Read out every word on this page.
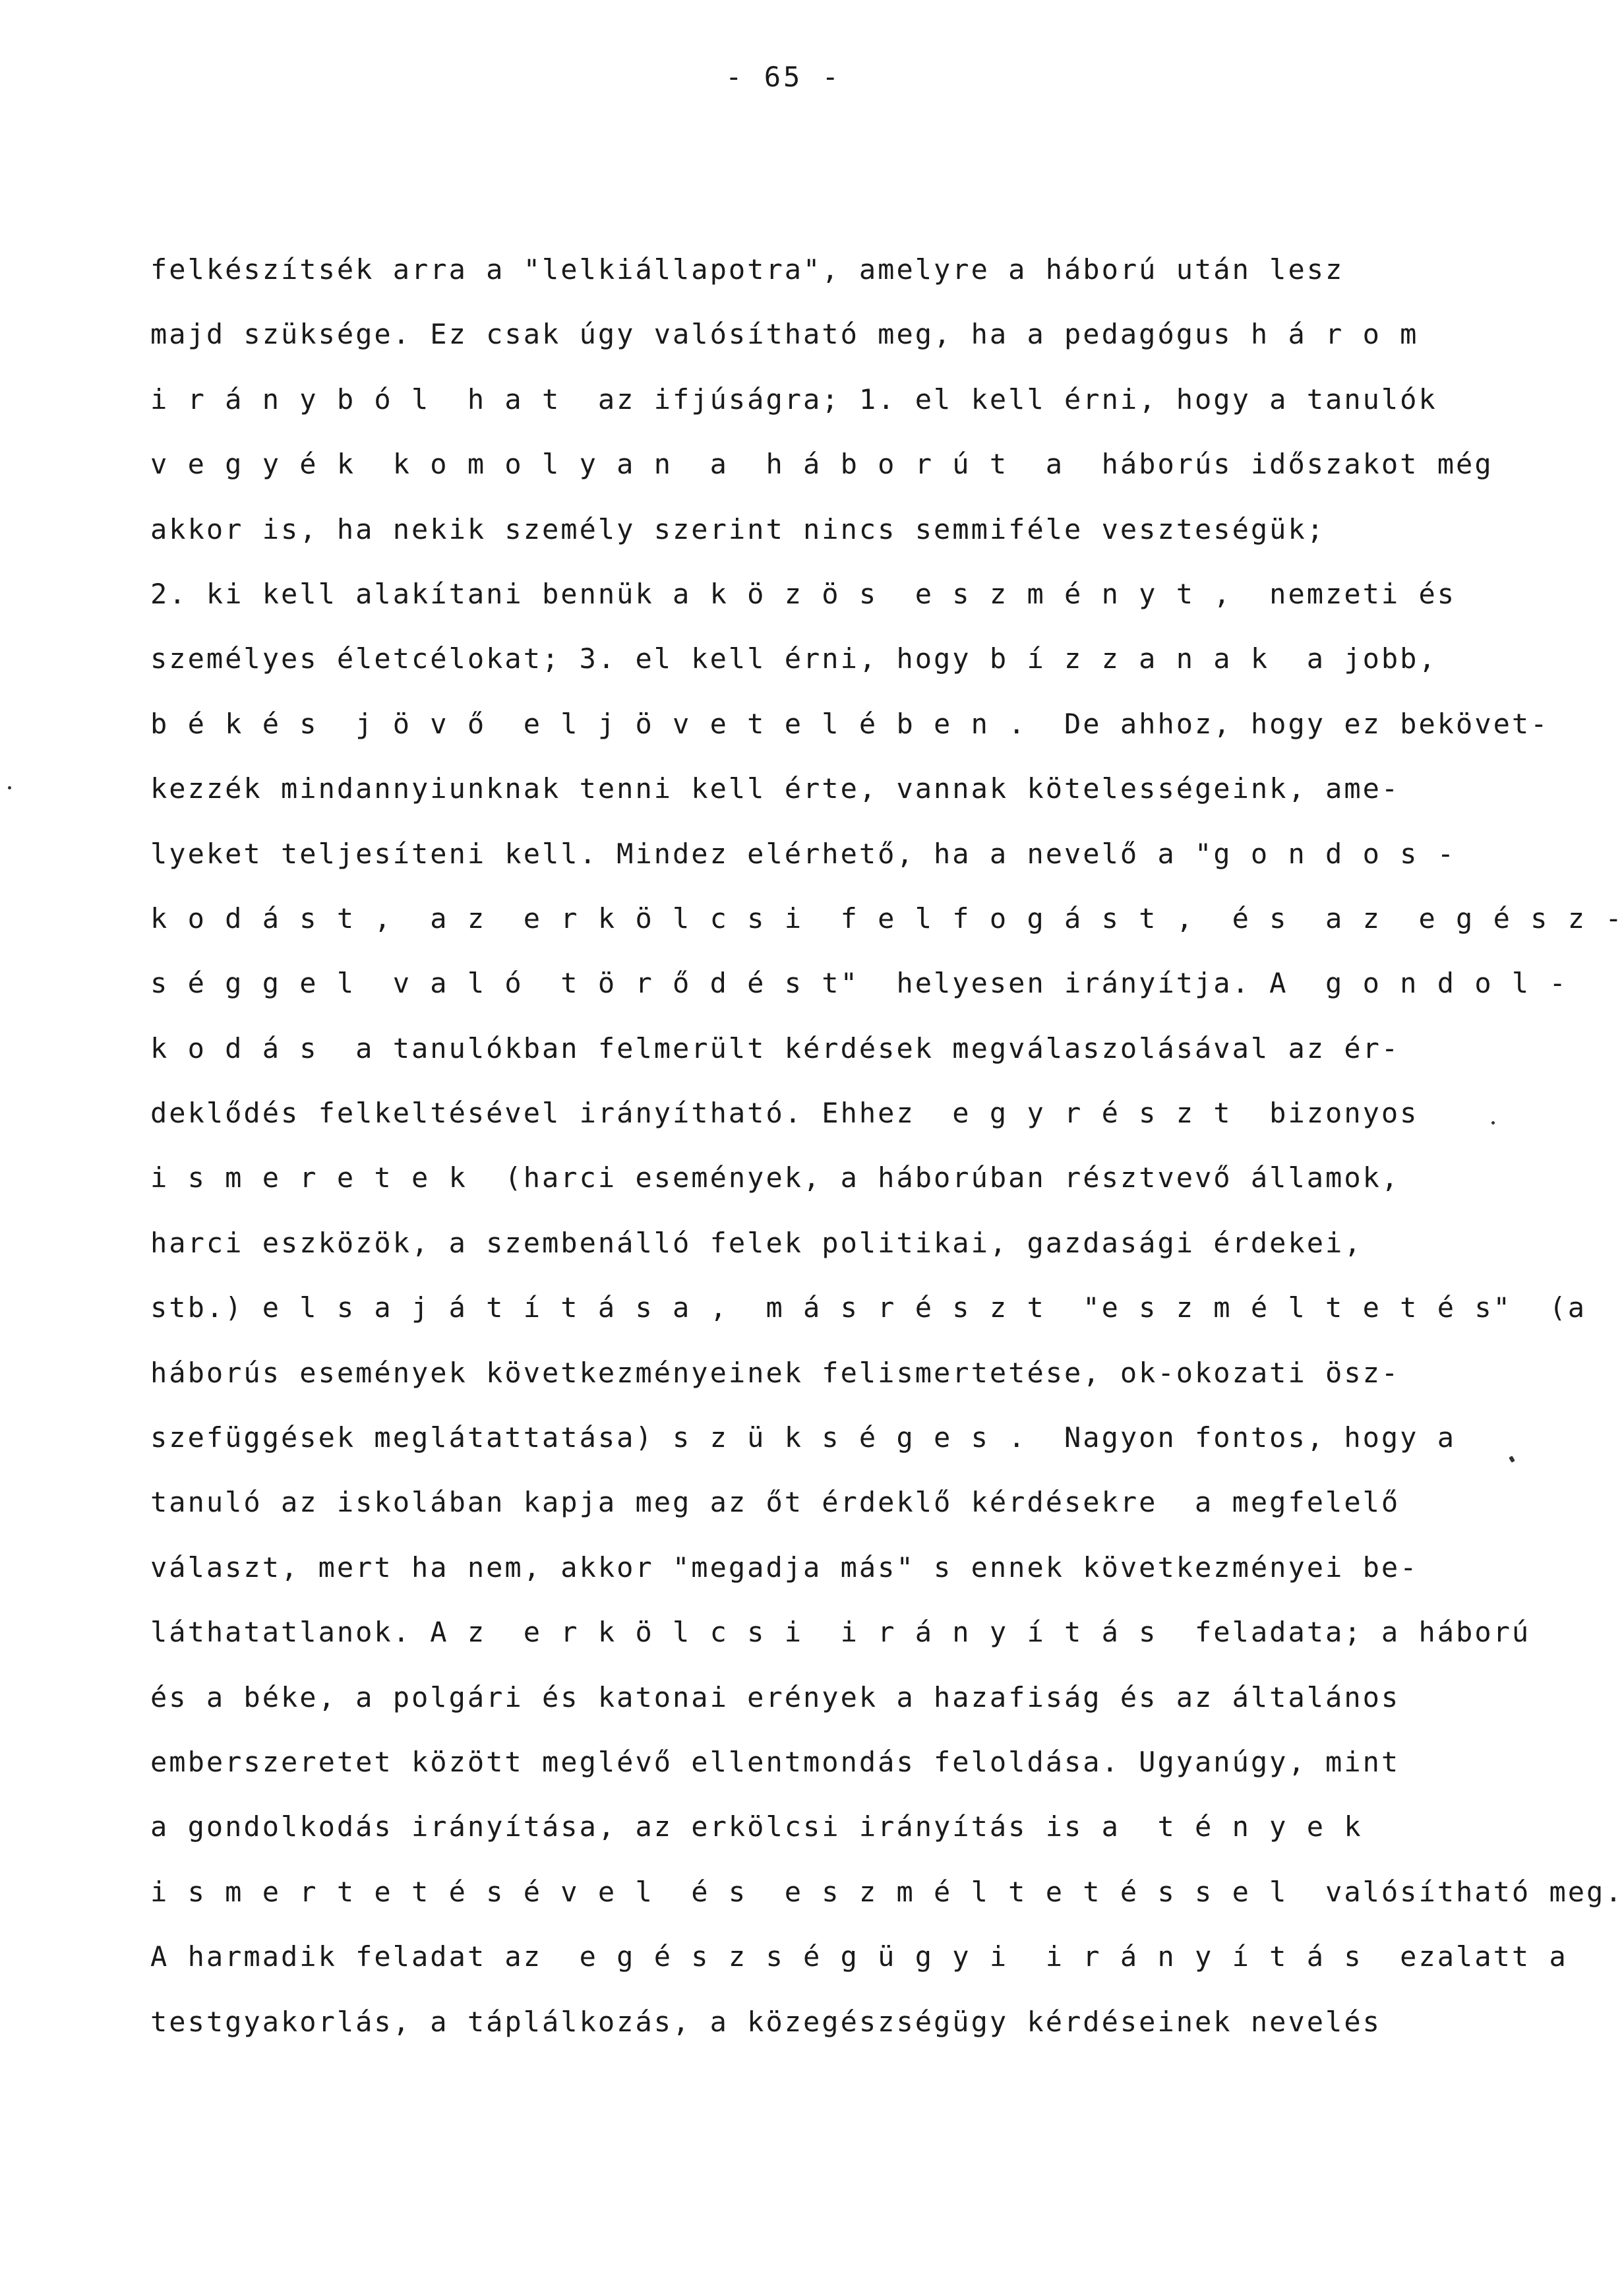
- 65 -
felkészítsék arra a "lelkiállapotra", amelyre a háború után lesz
majd szüksége. Ez csak úgy valósítható meg, ha a pedagógus h á r o m
i r á n y b ó l  h a t  az ifjúságra; 1. el kell érni, hogy a tanulók
v e g y é k  k o m o l y a n  a  h á b o r ú t  a  háborús időszakot még
akkor is, ha nekik személy szerint nincs semmiféle veszteségük;
2. ki kell alakítani bennük a k ö z ö s  e s z m é n y t ,  nemzeti és
személyes életcélokat; 3. el kell érni, hogy b í z z a n a k  a jobb,
b é k é s  j ö v ő  e l j ö v e t e l é b e n .  De ahhoz, hogy ez bekövet-
kezzék mindannyiunknak tenni kell érte, vannak kötelességeink, ame-
lyeket teljesíteni kell. Mindez elérhető, ha a nevelő a "g o n d o s -
k o d á s t ,  a z  e r k ö l c s i  f e l f o g á s t ,  é s  a z  e g é s z -
s é g g e l  v a l ó  t ö r ő d é s t"  helyesen irányítja. A  g o n d o l -
k o d á s  a tanulókban felmerült kérdések megválaszolásával az ér-
deklődés felkeltésével irányítható. Ehhez  e g y r é s z t  bizonyos
i s m e r e t e k  (harci események, a háborúban résztvevő államok,
harci eszközök, a szembenálló felek politikai, gazdasági érdekei,
stb.) e l s a j á t í t á s a ,  m á s r é s z t  "e s z m é l t e t é s"  (a
háborús események következményeinek felismertetése, ok-okozati ösz-
szefüggések meglátattatása) s z ü k s é g e s .  Nagyon fontos, hogy a
tanuló az iskolában kapja meg az őt érdeklő kérdésekre  a megfelelő
választ, mert ha nem, akkor "megadja más" s ennek következményei be-
láthatatlanok. A z  e r k ö l c s i  i r á n y í t á s  feladata; a háború
és a béke, a polgári és katonai erények a hazafiság és az általános
emberszeretet között meglévő ellentmondás feloldása. Ugyanúgy, mint
a gondolkodás irányítása, az erkölcsi irányítás is a  t é n y e k
i s m e r t e t é s é v e l  é s  e s z m é l t e t é s s e l  valósítható meg.
A harmadik feladat az  e g é s z s é g ü g y i  i r á n y í t á s  ezalatt a
testgyakorlás, a táplálkozás, a közegészségügy kérdéseinek nevelés
